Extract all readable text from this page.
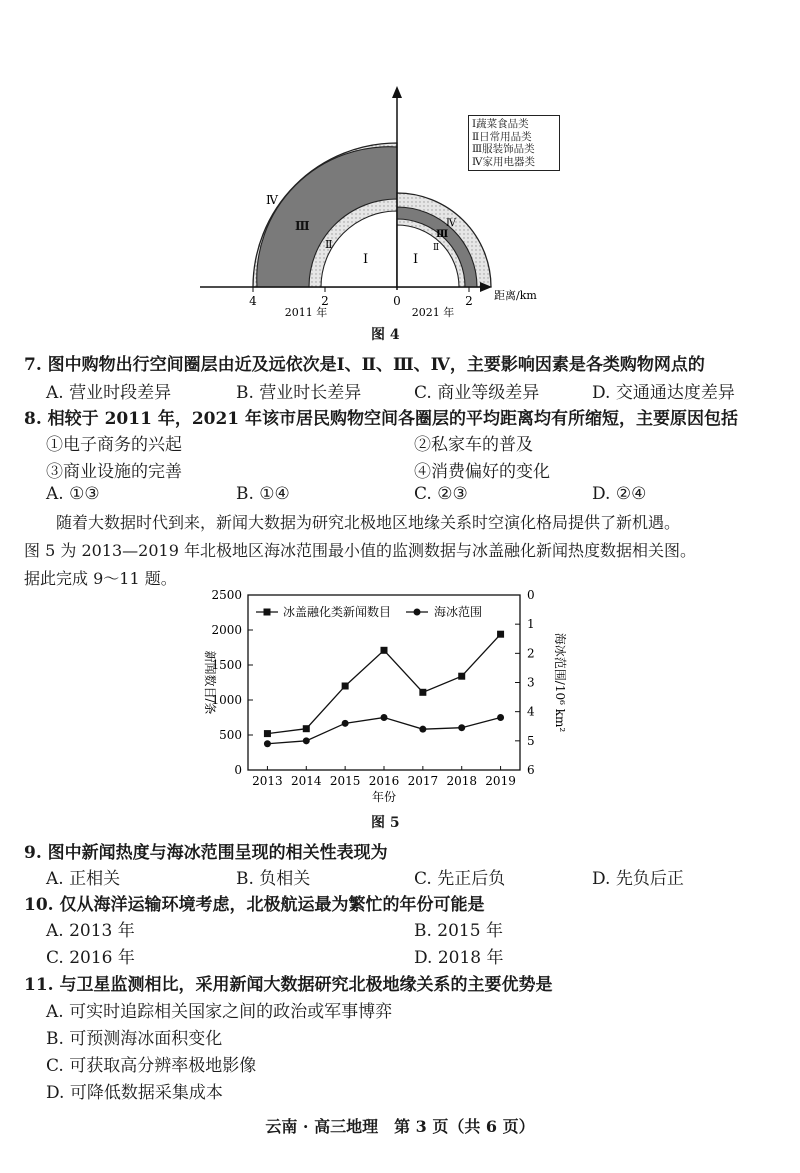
4	2	0	2 距离/km
2011 年	2021 年
Ⅰ
Ⅱ
Ⅲ
Ⅳ
Ⅰ
Ⅱ
Ⅲ
Ⅳ
Ⅰ蔬菜食品类
Ⅱ日常用品类
Ⅲ服装饰品类
Ⅳ家用电器类
图 4
7. 图中购物出行空间圈层由近及远依次是Ⅰ、Ⅱ、Ⅲ、Ⅳ，主要影响因素是各类购物网点的
A. 营业时段差异	B. 营业时长差异	C. 商业等级差异	D. 交通通达度差异
8. 相较于 2011 年，2021 年该市居民购物空间各圈层的平均距离均有所缩短，主要原因包括
①电子商务的兴起	②私家车的普及
③商业设施的完善	④消费偏好的变化
A. ①③	B. ①④	C. ②③	D. ②④
随着大数据时代到来，新闻大数据为研究北极地区地缘关系时空演化格局提供了新机遇。
图 5 为 2013—2019 年北极地区海冰范围最小值的监测数据与冰盖融化新闻热度数据相关图。
据此完成 9～11 题。
0
500
1000
1500
2000
2500	0
1
2
3
4
5
6
2013 2014 2015 2016 2017 2018 2019
年份
新闻数目/条	海冰范围/10⁶ km²
冰盖融化类新闻数目	海冰范围
图 5
9. 图中新闻热度与海冰范围呈现的相关性表现为
A. 正相关	B. 负相关	C. 先正后负	D. 先负后正
10. 仅从海洋运输环境考虑，北极航运最为繁忙的年份可能是
A. 2013 年	B. 2015 年
C. 2016 年	D. 2018 年
11. 与卫星监测相比，采用新闻大数据研究北极地缘关系的主要优势是
A. 可实时追踪相关国家之间的政治或军事博弈
B. 可预测海冰面积变化
C. 可获取高分辨率极地影像
D. 可降低数据采集成本
云南 · 高三地理　第 3 页（共 6 页）
